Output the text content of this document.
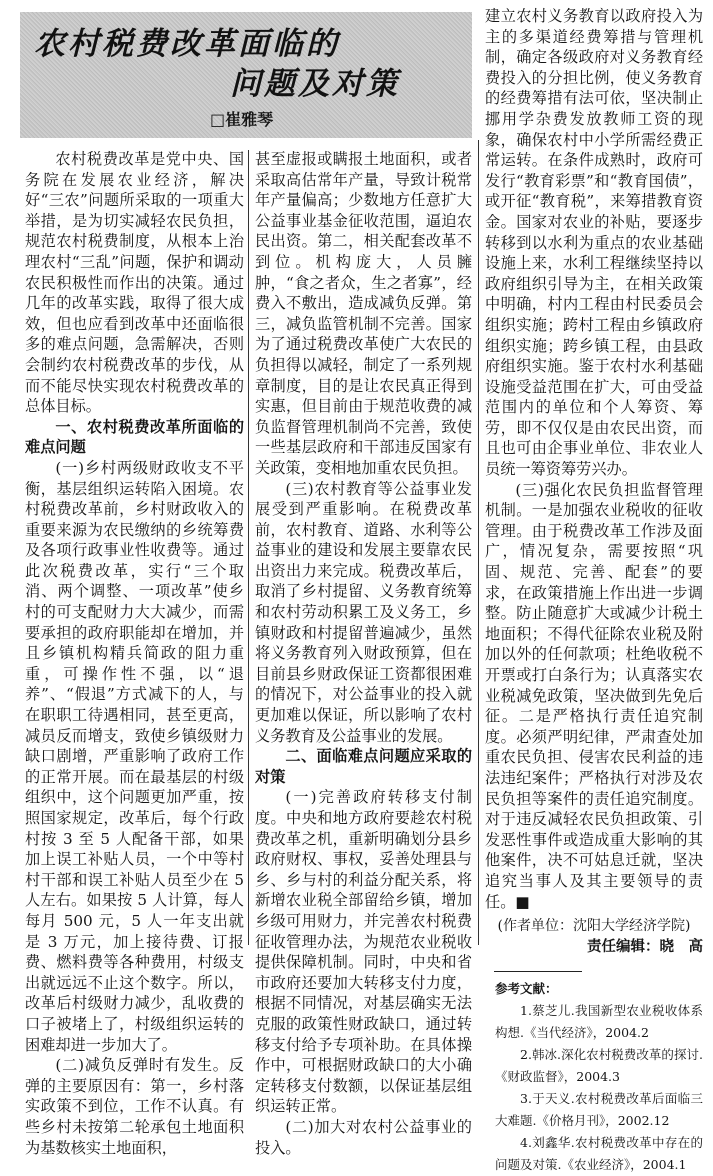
农村税费改革面临的
问题及对策
□崔雅琴

农村税费改革是党中央、国务院在发展农业经济，解决好“三农”问题所采取的一项重大举措，是为切实减轻农民负担，规范农村税费制度，从根本上治理农村“三乱”问题，保护和调动农民积极性而作出的决策。通过几年的改革实践，取得了很大成效，但也应看到改革中还面临很多的难点问题，急需解决，否则会制约农村税费改革的步伐，从而不能尽快实现农村税费改革的总体目标。

一、农村税费改革所面临的难点问题

(一)乡村两级财政收支不平衡，基层组织运转陷入困境。农村税费改革前，乡村财政收入的重要来源为农民缴纳的乡统筹费及各项行政事业性收费等。通过此次税费改革，实行“三个取消、两个调整、一项改革”使乡村的可支配财力大大减少，而需要承担的政府职能却在增加，并且乡镇机构精兵简政的阻力重重，可操作性不强，以“退养”、“假退”方式减下的人，与在职职工待遇相同，甚至更高，减员反而增支，致使乡镇级财力缺口剧增，严重影响了政府工作的正常开展。而在最基层的村级组织中，这个问题更加严重，按照国家规定，改革后，每个行政村按 3 至 5 人配备干部，如果加上误工补贴人员，一个中等村村干部和误工补贴人员至少在 5 人左右。如果按 5 人计算，每人每月 500 元，5 人一年支出就是 3 万元，加上接待费、订报费、燃料费等各种费用，村级支出就远远不止这个数字。所以，改革后村级财力减少，乱收费的口子被堵上了，村级组织运转的困难却进一步加大了。

(二)减负反弹时有发生。反弹的主要原因有：第一，乡村落实政策不到位，工作不认真。有些乡村未按第二轮承包土地面积为基数核实土地面积，

甚至虚报或瞒报土地面积，或者采取高估常年产量，导致计税常年产量偏高；少数地方任意扩大公益事业基金征收范围，逼迫农民出资。第二，相关配套改革不到位。机构庞大，人员臃肿，“食之者众，生之者寡”，经费入不敷出，造成减负反弹。第三，减负监管机制不完善。国家为了通过税费改革使广大农民的负担得以减轻，制定了一系列规章制度，目的是让农民真正得到实惠，但目前由于规范收费的减负监督管理机制尚不完善，致使一些基层政府和干部违反国家有关政策，变相地加重农民负担。

(三)农村教育等公益事业发展受到严重影响。在税费改革前，农村教育、道路、水利等公益事业的建设和发展主要靠农民出资出力来完成。税费改革后，取消了乡村提留、义务教育统筹和农村劳动积累工及义务工，乡镇财政和村提留普遍减少，虽然将义务教育列入财政预算，但在目前县乡财政保证工资都很困难的情况下，对公益事业的投入就更加难以保证，所以影响了农村义务教育及公益事业的发展。

二、面临难点问题应采取的对策

(一)完善政府转移支付制度。中央和地方政府要趁农村税费改革之机，重新明确划分县乡政府财权、事权，妥善处理县与乡、乡与村的利益分配关系，将新增农业税全部留给乡镇，增加乡级可用财力，并完善农村税费征收管理办法，为规范农业税收提供保障机制。同时，中央和省市政府还要加大转移支付力度，根据不同情况，对基层确实无法克服的政策性财政缺口，通过转移支付给予专项补助。在具体操作中，可根据财政缺口的大小确定转移支付数额，以保证基层组织运转正常。

(二)加大对农村公益事业的投入。

建立农村义务教育以政府投入为主的多渠道经费筹措与管理机制，确定各级政府对义务教育经费投入的分担比例，使义务教育的经费筹措有法可依，坚决制止挪用学杂费发放教师工资的现象，确保农村中小学所需经费正常运转。在条件成熟时，政府可发行“教育彩票”和“教育国债”，或开征“教育税”，来筹措教育资金。国家对农业的补贴，要逐步转移到以水利为重点的农业基础设施上来，水利工程继续坚持以政府组织引导为主，在相关政策中明确，村内工程由村民委员会组织实施；跨村工程由乡镇政府组织实施；跨乡镇工程，由县政府组织实施。鉴于农村水利基础设施受益范围在扩大，可由受益范围内的单位和个人筹资、筹劳，即不仅仅是由农民出资，而且也可由企事业单位、非农业人员统一筹资筹劳兴办。

(三)强化农民负担监督管理机制。一是加强农业税收的征收管理。由于税费改革工作涉及面广，情况复杂，需要按照“巩固、规范、完善、配套”的要求，在政策措施上作出进一步调整。防止随意扩大或减少计税土地面积；不得代征除农业税及附加以外的任何款项；杜绝收税不开票或打白条行为；认真落实农业税减免政策，坚决做到先免后征。二是严格执行责任追究制度。必须严明纪律，严肃查处加重农民负担、侵害农民利益的违法违纪案件；严格执行对涉及农民负担等案件的责任追究制度。对于违反减轻农民负担政策、引发恶性事件或造成重大影响的其他案件，决不可姑息迁就，坚决追究当事人及其主要领导的责任。■

(作者单位：沈阳大学经济学院)
责任编辑：晓　高
参考文献：

1.蔡芝儿.我国新型农业税收体系构想.《当代经济》，2004.2

2.韩冰.深化农村税费改革的探讨.《财政监督》，2004.3

3.于天义.农村税费改革后面临三大难题.《价格月刊》，2002.12

4.刘鑫华.农村税费改革中存在的问题及对策.《农业经济》，2004.1
